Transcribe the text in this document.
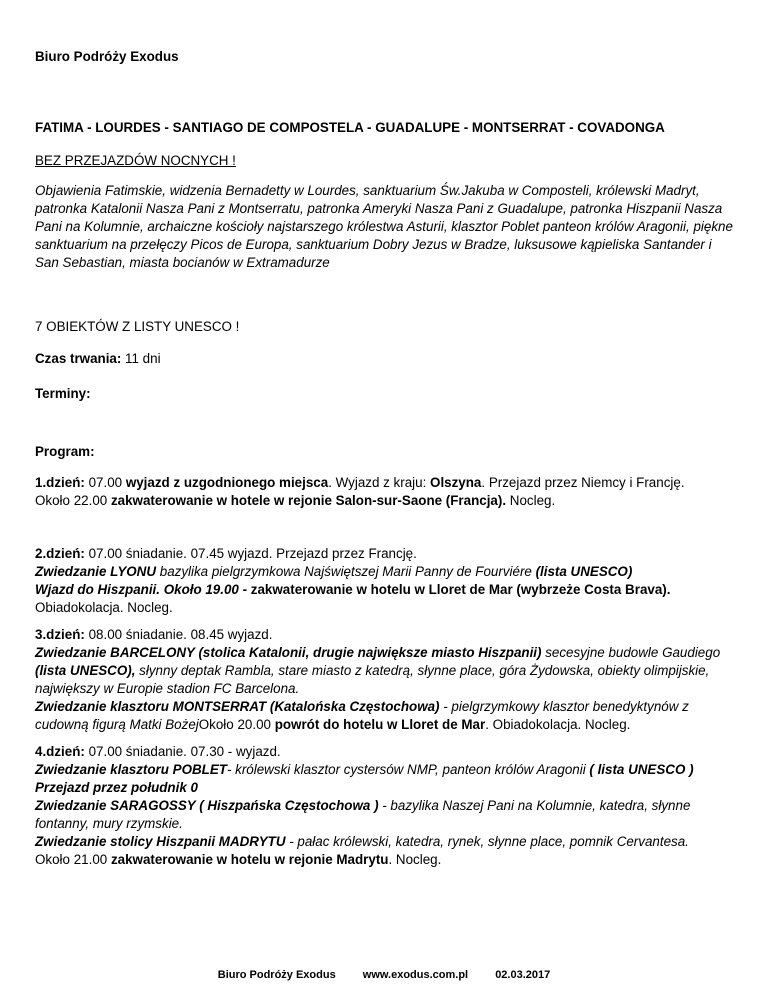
Biuro Podróży Exodus
FATIMA - LOURDES - SANTIAGO DE COMPOSTELA - GUADALUPE - MONTSERRAT - COVADONGA
BEZ PRZEJAZDÓW NOCNYCH !
Objawienia Fatimskie, widzenia Bernadetty w Lourdes, sanktuarium Św.Jakuba w Composteli, królewski Madryt, patronka Katalonii Nasza Pani z Montserratu, patronka Ameryki Nasza Pani z Guadalupe, patronka Hiszpanii Nasza Pani na Kolumnie, archaiczne kościoły najstarszego królestwa Asturii, klasztor Poblet panteon królów Aragonii, piękne sanktuarium na przełęczy Picos de Europa, sanktuarium Dobry Jezus w Bradze, luksusowe kąpieliska Santander i San Sebastian, miasta bocianów w Extramadurze
7 OBIEKTÓW Z LISTY UNESCO !
Czas trwania: 11 dni
Terminy:
Program:
1.dzień: 07.00 wyjazd z uzgodnionego miejsca. Wyjazd z kraju: Olszyna. Przejazd przez Niemcy i Francję.
Około 22.00 zakwaterowanie w hotele w rejonie Salon-sur-Saone (Francja). Nocleg.
2.dzień: 07.00 śniadanie. 07.45 wyjazd. Przejazd przez Francję.
Zwiedzanie LYONU bazylika pielgrzymkowa Najświętszej Marii Panny de Fourviére (lista UNESCO)
Wjazd do Hiszpanii. Około 19.00 - zakwaterowanie w hotelu w Lloret de Mar (wybrzeże Costa Brava).
Obiadokolacja. Nocleg.
3.dzień: 08.00 śniadanie. 08.45 wyjazd.
Zwiedzanie BARCELONY (stolica Katalonii, drugie największe miasto Hiszpanii) secesyjne budowle Gaudiego (lista UNESCO), słynny deptak Rambla, stare miasto z katedrą, słynne place, góra Żydowska, obiekty olimpijskie, największy w Europie stadion FC Barcelona.
Zwiedzanie klasztoru MONTSERRAT (Katalońska Częstochowa) - pielgrzymkowy klasztor benedyktynów z cudowną figurą Matki BożejOkoło 20.00 powrót do hotelu w Lloret de Mar. Obiadokolacja. Nocleg.
4.dzień: 07.00 śniadanie. 07.30 - wyjazd.
Zwiedzanie klasztoru POBLET- królewski klasztor cystersów NMP, panteon królów Aragonii ( lista UNESCO )
Przejazd przez południk 0
Zwiedzanie SARAGOSSY ( Hiszpańska Częstochowa ) - bazylika Naszej Pani na Kolumnie, katedra, słynne fontanny, mury rzymskie.
Zwiedzanie stolicy Hiszpanii MADRYTU - pałac królewski, katedra, rynek, słynne place, pomnik Cervantesa.
Około 21.00 zakwaterowanie w hotelu w rejonie Madrytu. Nocleg.
Biuro Podróży Exodus www.exodus.com.pl 02.03.2017
